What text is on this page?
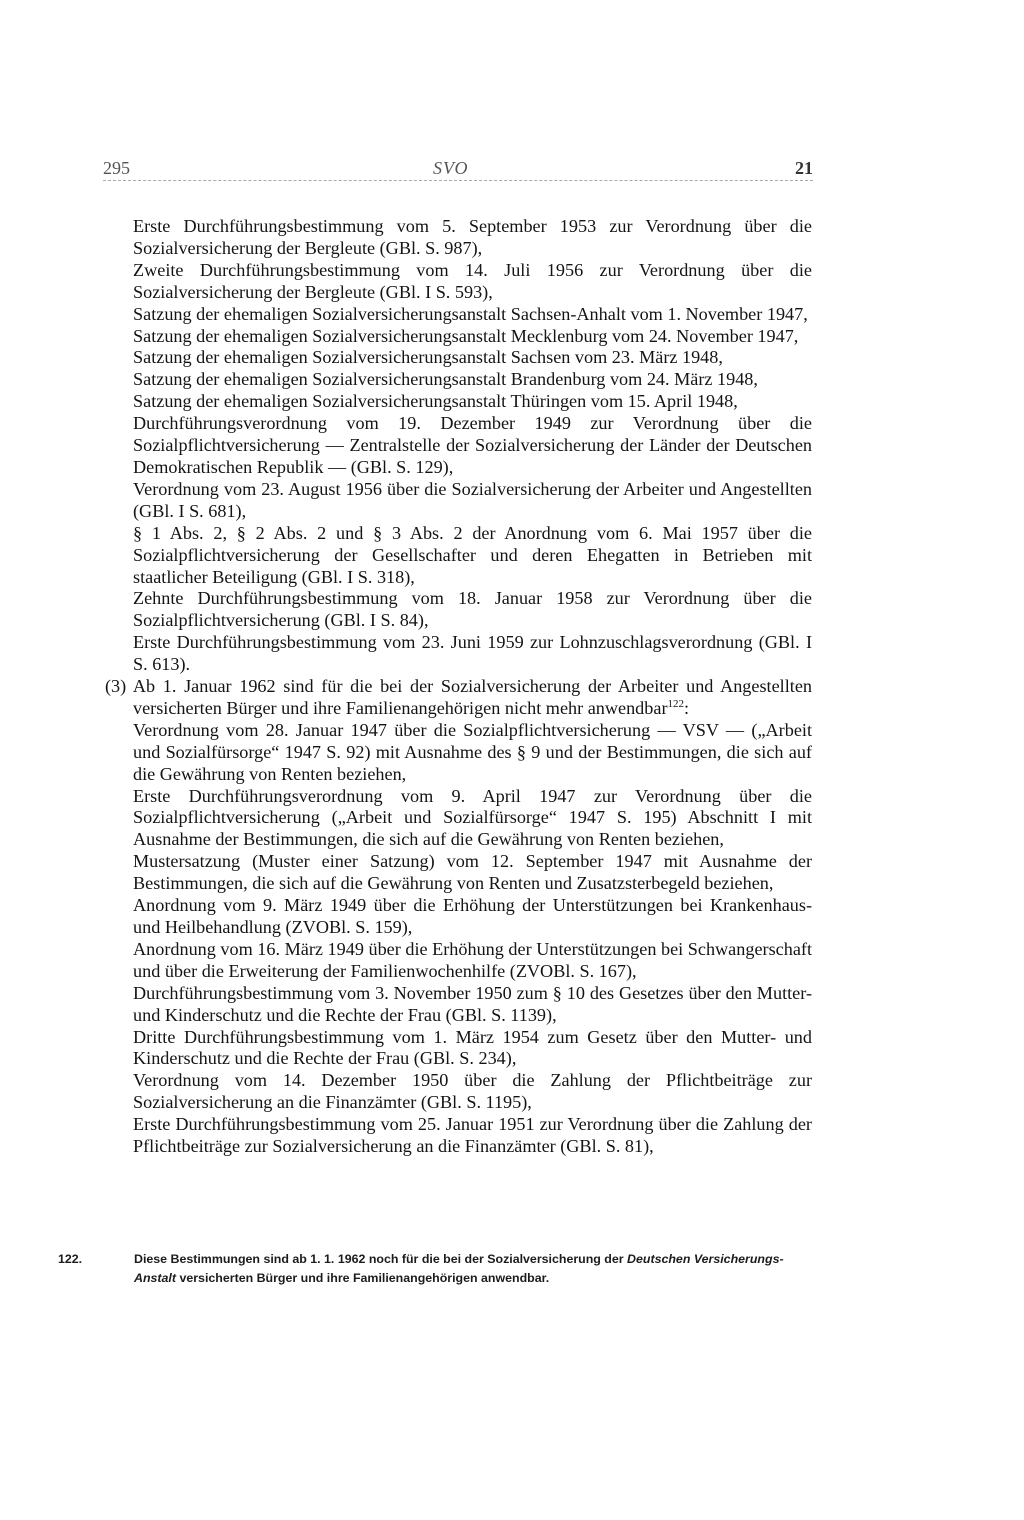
295	SVO	21

Erste Durchführungsbestimmung vom 5. September 1953 zur Verordnung über die Sozialversicherung der Bergleute (GBl. S. 987),

Zweite Durchführungsbestimmung vom 14. Juli 1956 zur Verordnung über die Sozialversicherung der Bergleute (GBl. I S. 593),

Satzung der ehemaligen Sozialversicherungsanstalt Sachsen-Anhalt vom 1. November 1947,

Satzung der ehemaligen Sozialversicherungsanstalt Mecklenburg vom 24. November 1947,

Satzung der ehemaligen Sozialversicherungsanstalt Sachsen vom 23. März 1948,

Satzung der ehemaligen Sozialversicherungsanstalt Brandenburg vom 24. März 1948,

Satzung der ehemaligen Sozialversicherungsanstalt Thüringen vom 15. April 1948,

Durchführungsverordnung vom 19. Dezember 1949 zur Verordnung über die Sozialpflichtversicherung — Zentralstelle der Sozialversicherung der Länder der Deutschen Demokratischen Republik — (GBl. S. 129),

Verordnung vom 23. August 1956 über die Sozialversicherung der Arbeiter und Angestellten (GBl. I S. 681),

§ 1 Abs. 2, § 2 Abs. 2 und § 3 Abs. 2 der Anordnung vom 6. Mai 1957 über die Sozialpflichtversicherung der Gesellschafter und deren Ehegatten in Betrieben mit staatlicher Beteiligung (GBl. I S. 318),

Zehnte Durchführungsbestimmung vom 18. Januar 1958 zur Verordnung über die Sozialpflichtversicherung (GBl. I S. 84),

Erste Durchführungsbestimmung vom 23. Juni 1959 zur Lohnzuschlagsverordnung (GBl. I S. 613).

(3) Ab 1. Januar 1962 sind für die bei der Sozialversicherung der Arbeiter und Angestellten versicherten Bürger und ihre Familienangehörigen nicht mehr anwendbar$^{122}$:

Verordnung vom 28. Januar 1947 über die Sozialpflichtversicherung — VSV — („Arbeit und Sozialfürsorge“ 1947 S. 92) mit Ausnahme des § 9 und der Bestimmungen, die sich auf die Gewährung von Renten beziehen,

Erste Durchführungsverordnung vom 9. April 1947 zur Verordnung über die Sozialpflichtversicherung („Arbeit und Sozialfürsorge“ 1947 S. 195) Abschnitt I mit Ausnahme der Bestimmungen, die sich auf die Gewährung von Renten beziehen,

Mustersatzung (Muster einer Satzung) vom 12. September 1947 mit Ausnahme der Bestimmungen, die sich auf die Gewährung von Renten und Zusatzsterbegeld beziehen,

Anordnung vom 9. März 1949 über die Erhöhung der Unterstützungen bei Krankenhaus- und Heilbehandlung (ZVOBl. S. 159),

Anordnung vom 16. März 1949 über die Erhöhung der Unterstützungen bei Schwangerschaft und über die Erweiterung der Familienwochenhilfe (ZVOBl. S. 167),

Durchführungsbestimmung vom 3. November 1950 zum § 10 des Gesetzes über den Mutter- und Kinderschutz und die Rechte der Frau (GBl. S. 1139),

Dritte Durchführungsbestimmung vom 1. März 1954 zum Gesetz über den Mutter- und Kinderschutz und die Rechte der Frau (GBl. S. 234),

Verordnung vom 14. Dezember 1950 über die Zahlung der Pflichtbeiträge zur Sozialversicherung an die Finanzämter (GBl. S. 1195),

Erste Durchführungsbestimmung vom 25. Januar 1951 zur Verordnung über die Zahlung der Pflichtbeiträge zur Sozialversicherung an die Finanzämter (GBl. S. 81),

122.	Diese Bestimmungen sind ab 1. 1. 1962 noch für die bei der Sozialversicherung der Deutschen Versicherungs-Anstalt versicherten Bürger und ihre Familienangehörigen anwendbar.
